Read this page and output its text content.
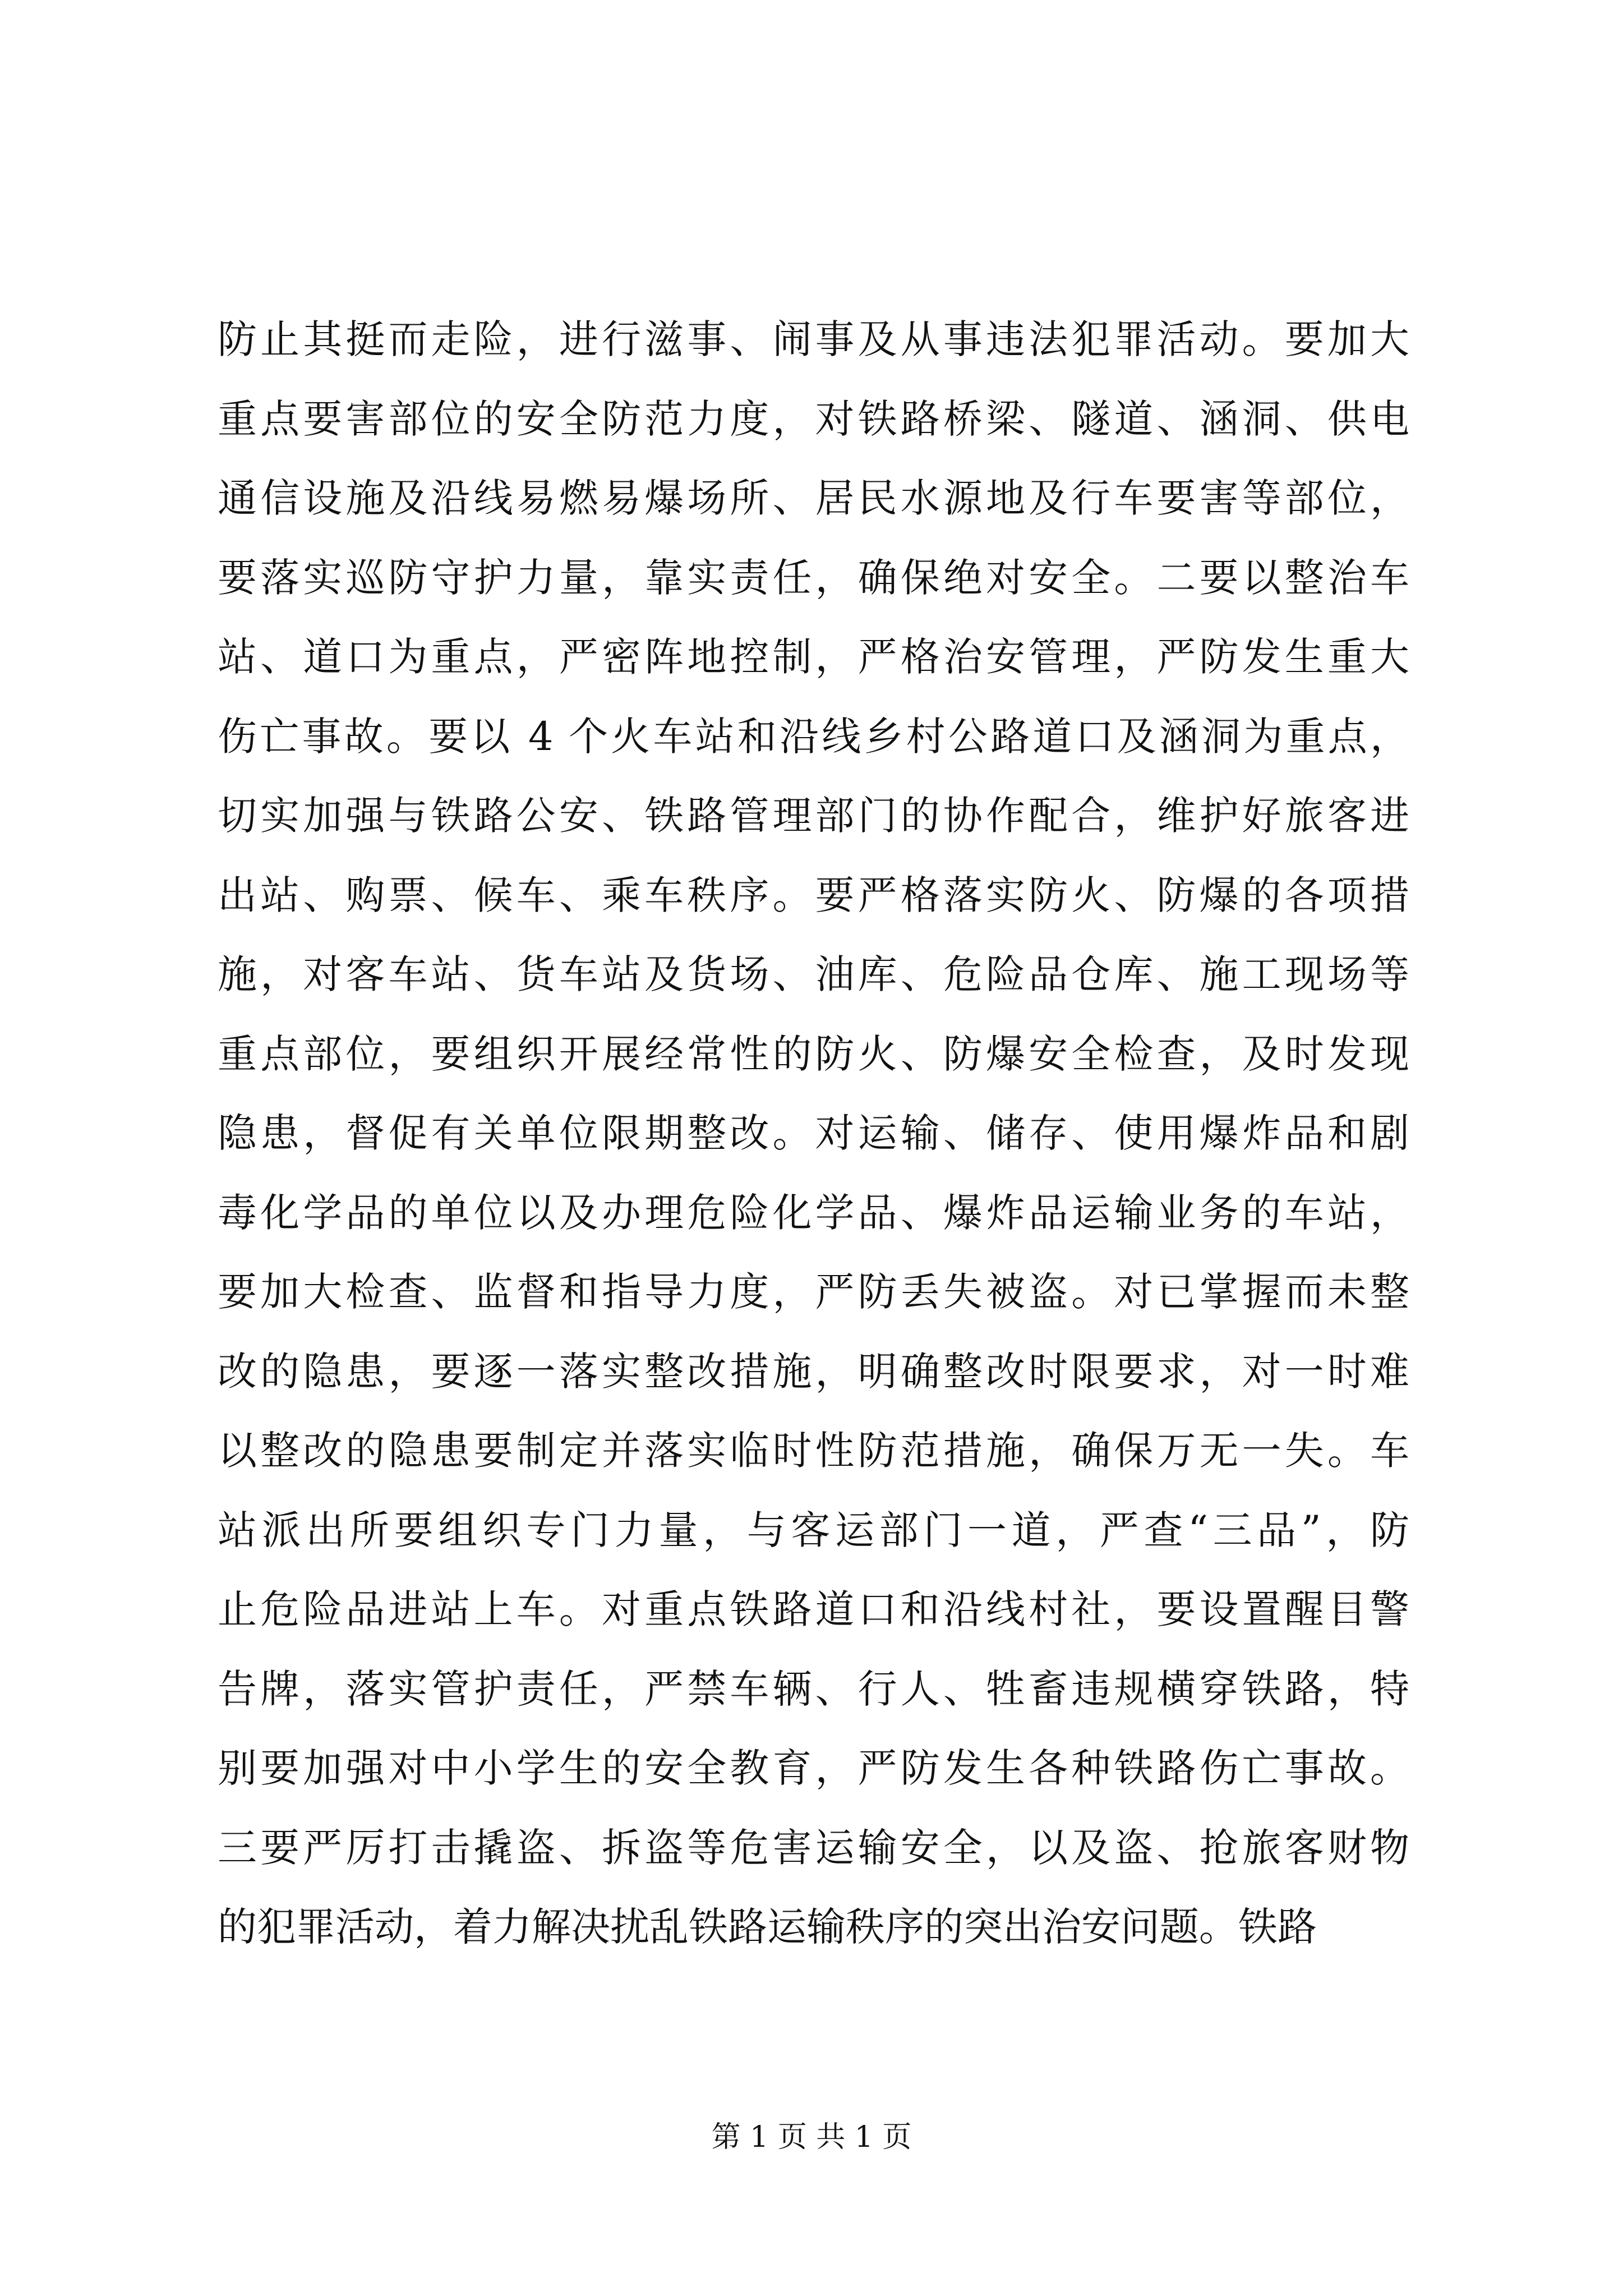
防止其挺而走险，进行滋事、闹事及从事违法犯罪活动。要加大
重点要害部位的安全防范力度，对铁路桥梁、隧道、涵洞、供电
通信设施及沿线易燃易爆场所、居民水源地及行车要害等部位，
要落实巡防守护力量，靠实责任，确保绝对安全。二要以整治车
站、道口为重点，严密阵地控制，严格治安管理，严防发生重大
伤亡事故。要以 4 个火车站和沿线乡村公路道口及涵洞为重点，
切实加强与铁路公安、铁路管理部门的协作配合，维护好旅客进
出站、购票、候车、乘车秩序。要严格落实防火、防爆的各项措
施，对客车站、货车站及货场、油库、危险品仓库、施工现场等
重点部位，要组织开展经常性的防火、防爆安全检查，及时发现
隐患，督促有关单位限期整改。对运输、储存、使用爆炸品和剧
毒化学品的单位以及办理危险化学品、爆炸品运输业务的车站，
要加大检查、监督和指导力度，严防丢失被盗。对已掌握而未整
改的隐患，要逐一落实整改措施，明确整改时限要求，对一时难
以整改的隐患要制定并落实临时性防范措施，确保万无一失。车
站派出所要组织专门力量，与客运部门一道，严查“三品”，防
止危险品进站上车。对重点铁路道口和沿线村社，要设置醒目警
告牌，落实管护责任，严禁车辆、行人、牲畜违规横穿铁路，特
别要加强对中小学生的安全教育，严防发生各种铁路伤亡事故。
三要严厉打击撬盗、拆盗等危害运输安全，以及盗、抢旅客财物
的犯罪活动，着力解决扰乱铁路运输秩序的突出治安问题。铁路
第 1 页 共 1 页
